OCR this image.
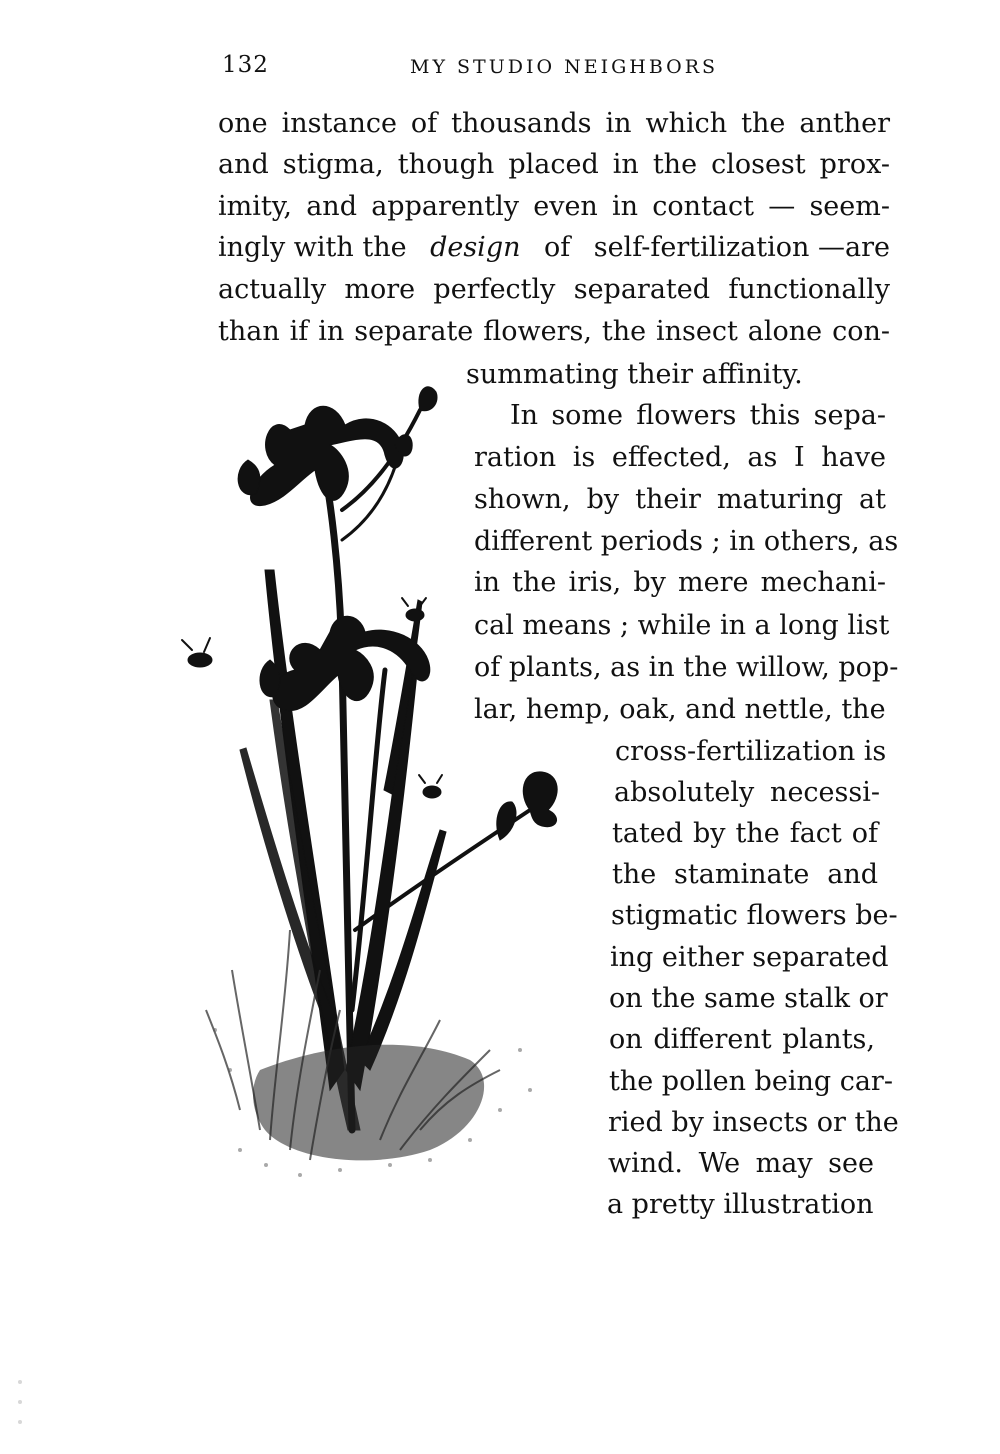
132	MY STUDIO NEIGHBORS
one instance of thousands in which the anther
and stigma, though placed in the closest prox-
imity, and apparently even in contact — seem-
ingly with the design of self-fertilization —are
actually more perfectly separated functionally
than if in separate flowers, the insect alone con-
summating their affinity.
In some flowers this sepa-
ration is effected, as I have
shown, by their maturing at
different periods ; in others, as
in the iris, by mere mechani-
cal means ; while in a long list
of plants, as in the willow, pop-
lar, hemp, oak, and nettle, the
cross-fertilization is
absolutely necessi-
tated by the fact of
the staminate and
stigmatic flowers be-
ing either separated
on the same stalk or
on different plants,
the pollen being car-
ried by insects or the
wind. We may see
a pretty illustration
